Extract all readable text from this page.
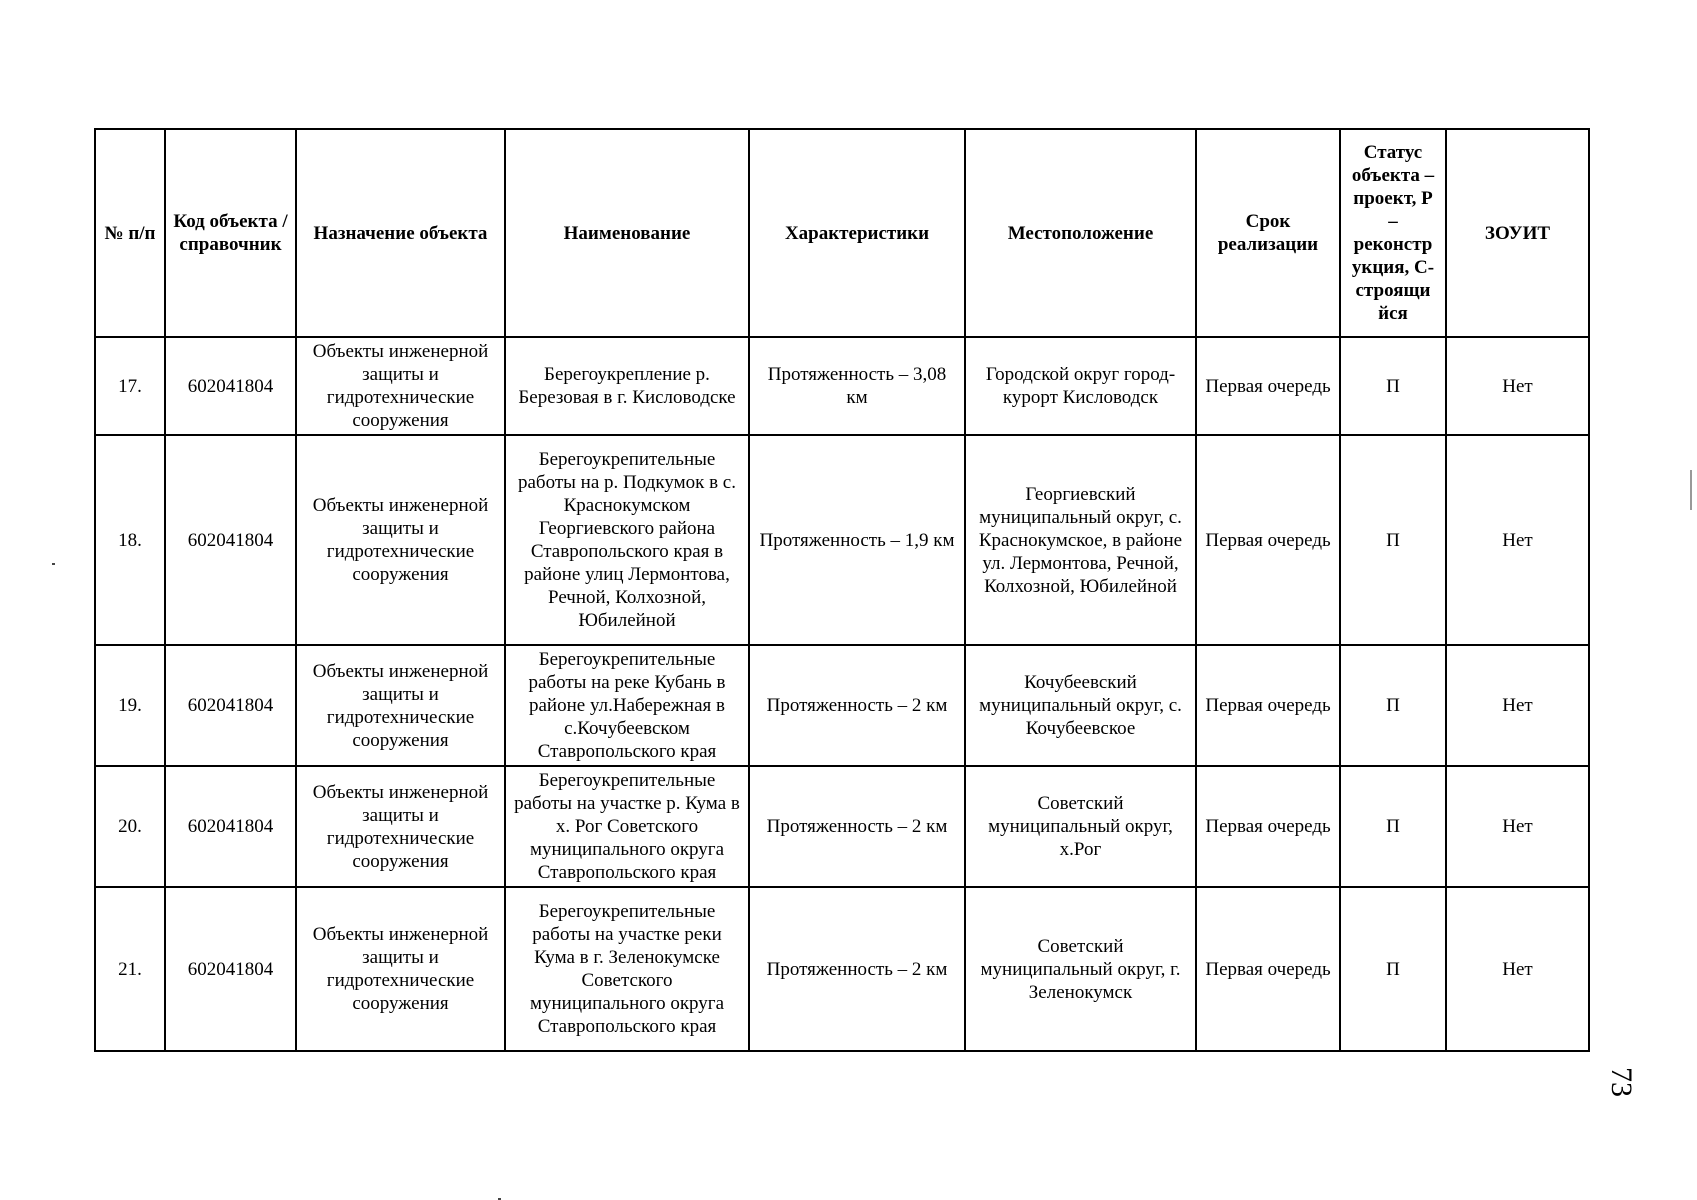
№ п/п	Код объекта / справочник	Назначение объекта	Наименование	Характеристики	Местоположение	Срок реализации	Статус объекта – проект, Р – реконстр укция, С- строящи йся	ЗОУИТ
17.	602041804	Объекты инженерной защиты и гидротехнические сооружения	Берегоукрепление р. Березовая в г. Кисловодске	Протяженность – 3,08 км	Городской округ город-курорт Кисловодск	Первая очередь	П	Нет
18.	602041804	Объекты инженерной защиты и гидротехнические сооружения	Берегоукрепительные работы на р. Подкумок в с. Краснокумском Георгиевского района Ставропольского края в районе улиц Лермонтова, Речной, Колхозной, Юбилейной	Протяженность – 1,9 км	Георгиевский муниципальный округ, с. Краснокумское, в районе ул. Лермонтова, Речной, Колхозной, Юбилейной	Первая очередь	П	Нет
19.	602041804	Объекты инженерной защиты и гидротехнические сооружения	Берегоукрепительные работы на реке Кубань в районе ул.Набережная в с.Кочубеевском Ставропольского края	Протяженность – 2 км	Кочубеевский муниципальный округ, с. Кочубеевское	Первая очередь	П	Нет
20.	602041804	Объекты инженерной защиты и гидротехнические сооружения	Берегоукрепительные работы на участке р. Кума в х. Рог Советского муниципального округа Ставропольского края	Протяженность – 2 км	Советский муниципальный округ, х.Рог	Первая очередь	П	Нет
21.	602041804	Объекты инженерной защиты и гидротехнические сооружения	Берегоукрепительные работы на участке реки Кума в г. Зеленокумске Советского муниципального округа Ставропольского края	Протяженность – 2 км	Советский муниципальный округ, г. Зеленокумск	Первая очередь	П	Нет
73
